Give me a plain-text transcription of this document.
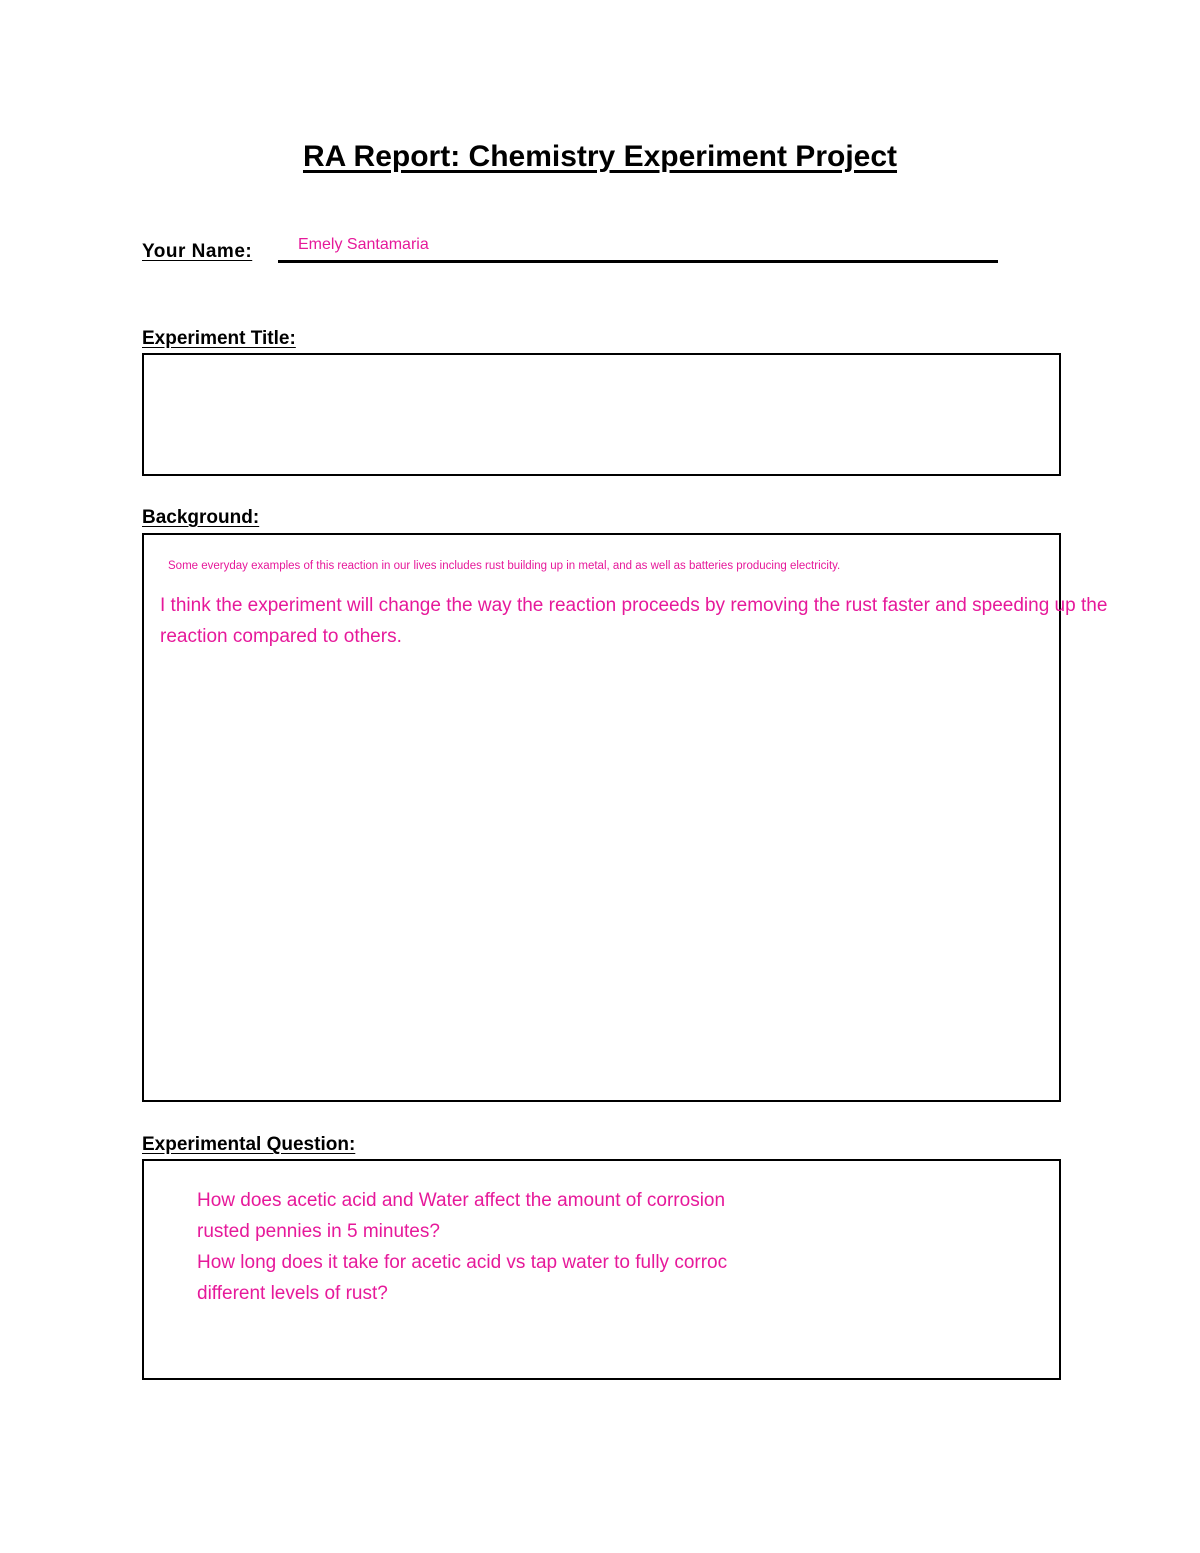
RA Report: Chemistry Experiment Project
Your Name:	Emely Santamaria
Experiment Title:
Background:
Some everyday examples of this reaction in our lives includes rust building up in metal, and as well as batteries producing electricity.
I think the experiment will change the way the reaction proceeds by removing the rust faster and speeding up the reaction compared to others.
Experimental Question:
How does acetic acid and Water affect the amount of corrosion
rusted pennies in 5 minutes?
How long does it take for acetic acid vs tap water to fully corroc
different levels of rust?
